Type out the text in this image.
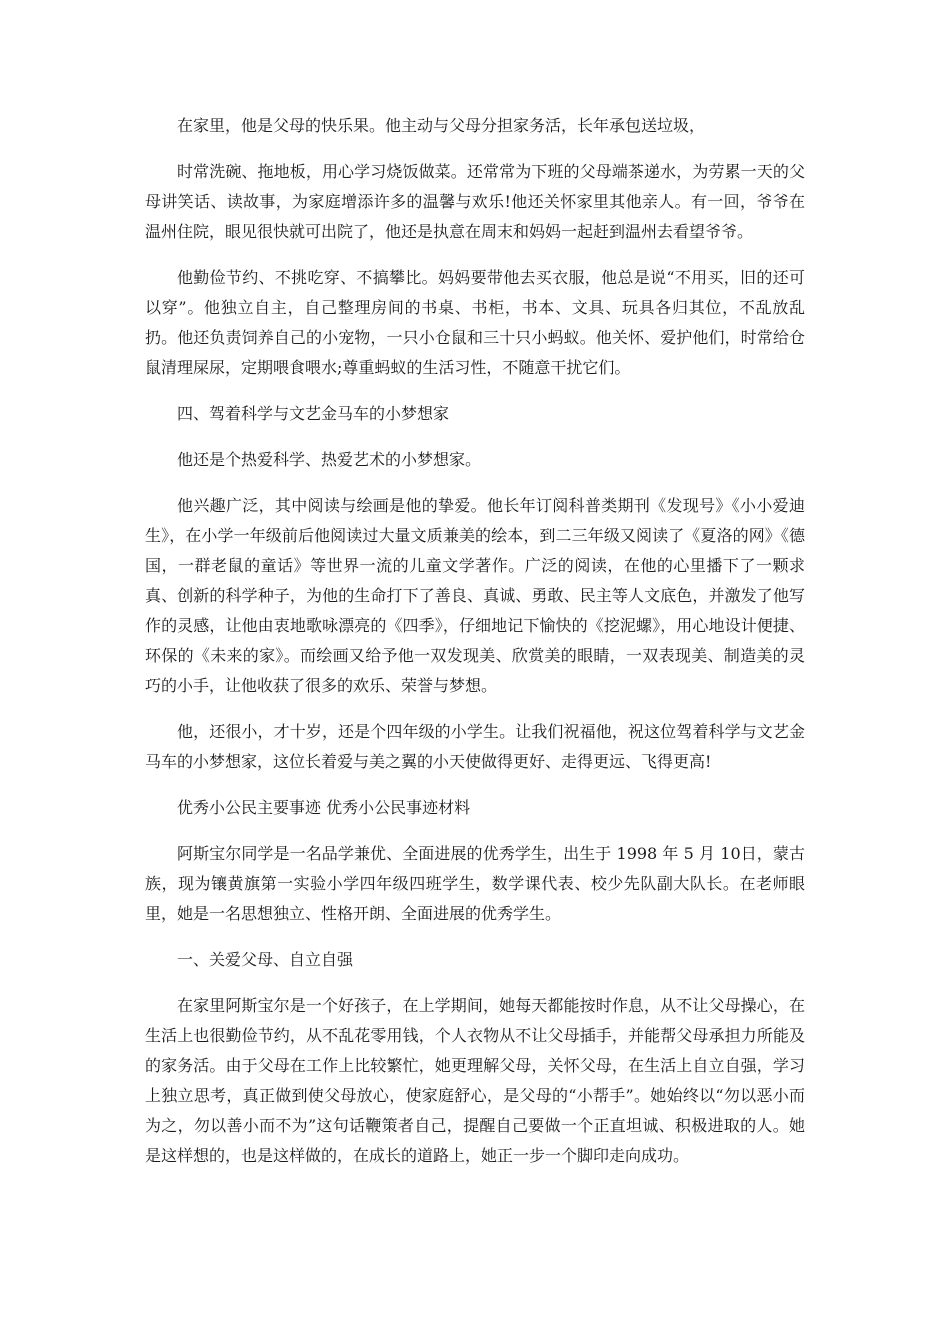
在家里，他是父母的快乐果。他主动与父母分担家务活，长年承包送垃圾，

时常洗碗、拖地板，用心学习烧饭做菜。还常常为下班的父母端茶递水，为劳累一天的父母讲笑话、读故事，为家庭增添许多的温馨与欢乐!他还关怀家里其他亲人。有一回，爷爷在温州住院，眼见很快就可出院了，他还是执意在周末和妈妈一起赶到温州去看望爷爷。

他勤俭节约、不挑吃穿、不搞攀比。妈妈要带他去买衣服，他总是说“不用买，旧的还可以穿”。他独立自主，自己整理房间的书桌、书柜，书本、文具、玩具各归其位，不乱放乱扔。他还负责饲养自己的小宠物，一只小仓鼠和三十只小蚂蚁。他关怀、爱护他们，时常给仓鼠清理屎尿，定期喂食喂水;尊重蚂蚁的生活习性，不随意干扰它们。

四、驾着科学与文艺金马车的小梦想家

他还是个热爱科学、热爱艺术的小梦想家。

他兴趣广泛，其中阅读与绘画是他的挚爱。他长年订阅科普类期刊《发现号》《小小爱迪生》，在小学一年级前后他阅读过大量文质兼美的绘本，到二三年级又阅读了《夏洛的网》《德国，一群老鼠的童话》等世界一流的儿童文学著作。广泛的阅读，在他的心里播下了一颗求真、创新的科学种子，为他的生命打下了善良、真诚、勇敢、民主等人文底色，并激发了他写作的灵感，让他由衷地歌咏漂亮的《四季》，仔细地记下愉快的《挖泥螺》，用心地设计便捷、环保的《未来的家》。而绘画又给予他一双发现美、欣赏美的眼睛，一双表现美、制造美的灵巧的小手，让他收获了很多的欢乐、荣誉与梦想。

他，还很小，才十岁，还是个四年级的小学生。让我们祝福他，祝这位驾着科学与文艺金马车的小梦想家，这位长着爱与美之翼的小天使做得更好、走得更远、飞得更高!

优秀小公民主要事迹 优秀小公民事迹材料

阿斯宝尔同学是一名品学兼优、全面进展的优秀学生，出生于 1998 年 5 月 10日，蒙古族，现为镶黄旗第一实验小学四年级四班学生，数学课代表、校少先队副大队长。在老师眼里，她是一名思想独立、性格开朗、全面进展的优秀学生。

一、关爱父母、自立自强

在家里阿斯宝尔是一个好孩子，在上学期间，她每天都能按时作息，从不让父母操心，在生活上也很勤俭节约，从不乱花零用钱，个人衣物从不让父母插手，并能帮父母承担力所能及的家务活。由于父母在工作上比较繁忙，她更理解父母，关怀父母，在生活上自立自强，学习上独立思考，真正做到使父母放心，使家庭舒心，是父母的“小帮手”。她始终以“勿以恶小而为之，勿以善小而不为”这句话鞭策者自己，提醒自己要做一个正直坦诚、积极进取的人。她是这样想的，也是这样做的，在成长的道路上，她正一步一个脚印走向成功。
